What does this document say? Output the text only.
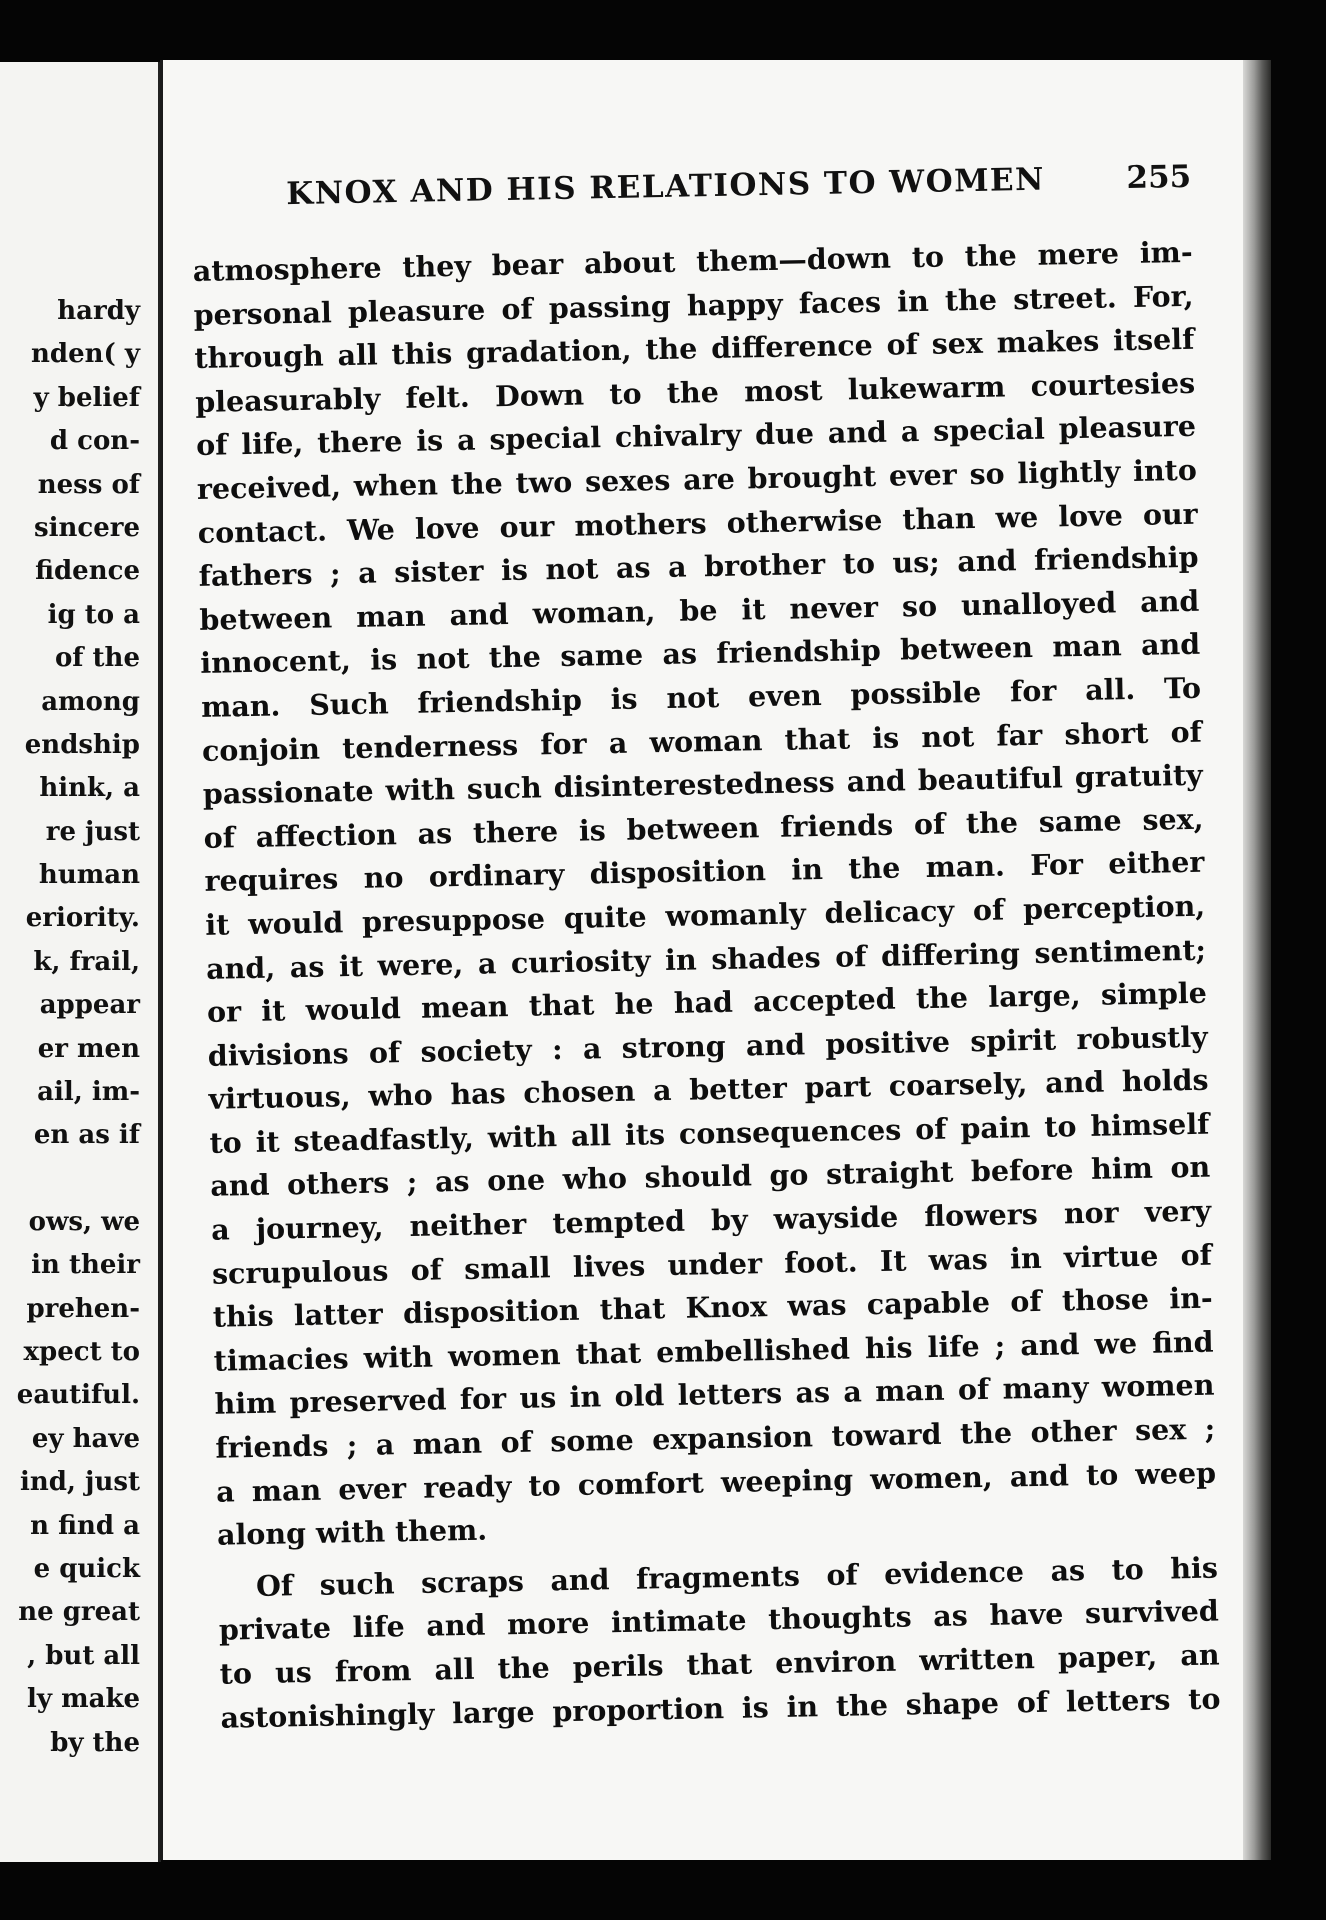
hardy
nden( y
y belief
d con-
ness of
sincere
fidence
ig to a
of the
among
endship
hink, a
re just
human
eriority.
k, frail,
appear
er men
ail, im-
en as if
ows, we
in their
prehen-
xpect to
eautiful.
ey have
ind, just
n find a
e quick
ne great
, but all
ly make
by the
KNOX AND HIS RELATIONS TO WOMEN	255
atmosphere they bear about them—down to the mere im-
personal pleasure of passing happy faces in the street. For,
through all this gradation, the difference of sex makes itself
pleasurably felt. Down to the most lukewarm courtesies
of life, there is a special chivalry due and a special pleasure
received, when the two sexes are brought ever so lightly into
contact. We love our mothers otherwise than we love our
fathers ; a sister is not as a brother to us; and friendship
between man and woman, be it never so unalloyed and
innocent, is not the same as friendship between man and
man. Such friendship is not even possible for all. To
conjoin tenderness for a woman that is not far short of
passionate with such disinterestedness and beautiful gratuity
of affection as there is between friends of the same sex,
requires no ordinary disposition in the man. For either
it would presuppose quite womanly delicacy of perception,
and, as it were, a curiosity in shades of differing sentiment;
or it would mean that he had accepted the large, simple
divisions of society : a strong and positive spirit robustly
virtuous, who has chosen a better part coarsely, and holds
to it steadfastly, with all its consequences of pain to himself
and others ; as one who should go straight before him on
a journey, neither tempted by wayside flowers nor very
scrupulous of small lives under foot. It was in virtue of
this latter disposition that Knox was capable of those in-
timacies with women that embellished his life ; and we find
him preserved for us in old letters as a man of many women
friends ; a man of some expansion toward the other sex ;
a man ever ready to comfort weeping women, and to weep
along with them.
Of such scraps and fragments of evidence as to his
private life and more intimate thoughts as have survived
to us from all the perils that environ written paper, an
astonishingly large proportion is in the shape of letters to
